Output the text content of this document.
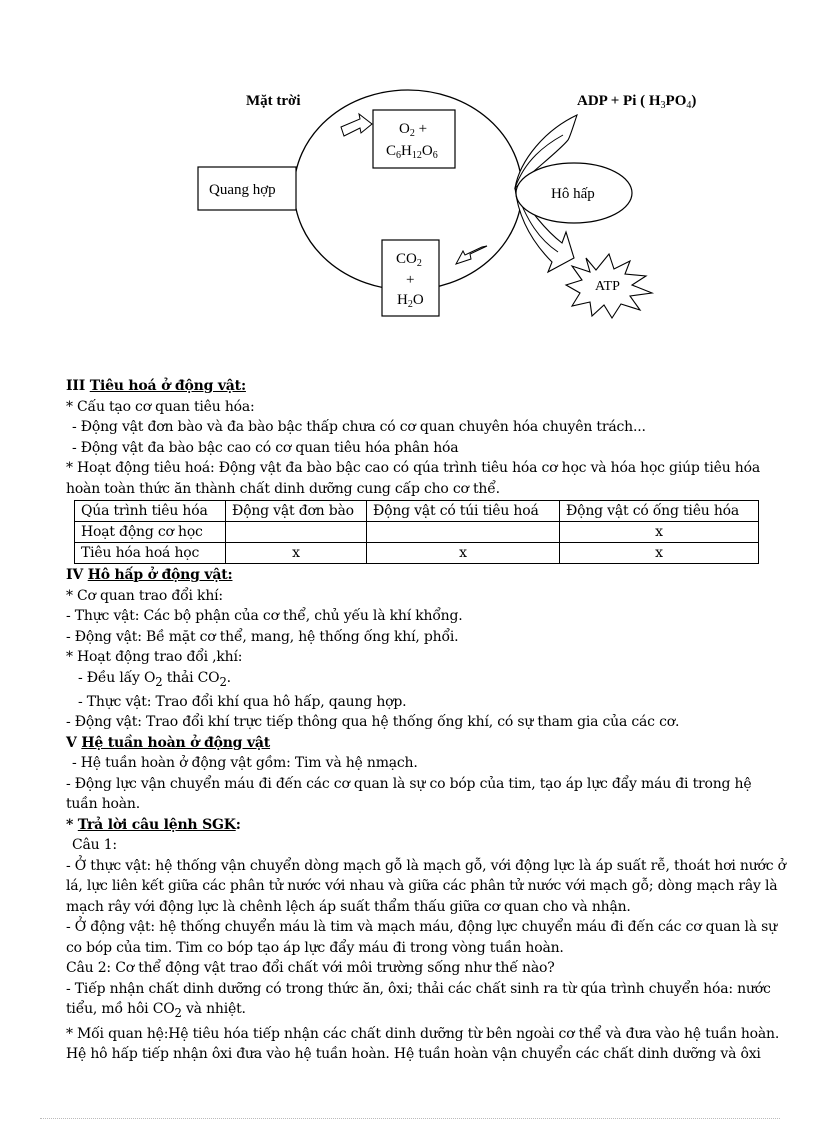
Mặt trời	ADP + Pi ( $H_3PO_4$)
$O_2$ +
$C_6H_{12}O_6$
Quang hợp	Hô hấp
$CO_2$
+
$H_2O$
ATP

III Tiêu hoá ở động vật:

* Cấu tạo cơ quan tiêu hóa:

- Động vật đơn bào và đa bào bậc thấp chưa có cơ quan chuyên hóa chuyên trách...

- Động vật đa bào bậc cao có cơ quan tiêu hóa phân hóa

* Hoạt động tiêu hoá: Động vật đa bào bậc cao có qúa trình tiêu hóa cơ học và hóa học giúp tiêu hóa hoàn toàn thức ăn thành chất dinh dưỡng cung cấp cho cơ thể.

Qúa trình tiêu hóa	Động vật đơn bào	Động vật có túi tiêu hoá	Động vật có ống tiêu hóa
Hoạt động cơ học			x
Tiêu hóa hoá học	x	x	x

IV Hô hấp ở động vật:

* Cơ quan trao đổi khí:

- Thực vật: Các bộ phận của cơ thể, chủ yếu là khí khổng.

- Động vật: Bề mặt cơ thể, mang, hệ thống ống khí, phổi.

* Hoạt động trao đổi ,khí:

- Đều lấy $O_2$ thải $CO_2$.

- Thực vật: Trao đổi khí qua hô hấp, qaung hợp.

- Động vật: Trao đổi khí trực tiếp thông qua hệ thống ống khí, có sự tham gia của các cơ.

V Hệ tuần hoàn ở động vật

- Hệ tuần hoàn ở động vật gồm: Tim và hệ nmạch.

- Động lực vận chuyển máu đi đến các cơ quan là sự co bóp của tim, tạo áp lực đẩy máu đi trong hệ tuần hoàn.

* Trả lời câu lệnh SGK:

Câu 1:

- Ở thực vật: hệ thống vận chuyển dòng mạch gỗ là mạch gỗ, với động lực là áp suất rễ, thoát hơi nước ở lá, lực liên kết giữa các phân tử nước với nhau và giữa các phân tử nước với mạch gỗ; dòng mạch rây là mạch rây với động lực là chênh lệch áp suất thẩm thấu giữa cơ quan cho và nhận.

- Ở động vật: hệ thống chuyển máu là tim và mạch máu, động lực chuyển máu đi đến các cơ quan là sự co bóp của tim. Tim co bóp tạo áp lực đẩy máu đi trong vòng tuần hoàn.

Câu 2: Cơ thể động vật trao đổi chất với môi trường sống như thế nào?

- Tiếp nhận chất dinh dưỡng có trong thức ăn, ôxi; thải các chất sinh ra từ qúa trình chuyển hóa: nước tiểu, mồ hôi $CO_2$ và nhiệt.

* Mối quan hệ:Hệ tiêu hóa tiếp nhận các chất dinh dưỡng từ bên ngoài cơ thể và đưa vào hệ tuần hoàn. Hệ hô hấp tiếp nhận ôxi đưa vào hệ tuần hoàn. Hệ tuần hoàn vận chuyển các chất dinh dưỡng và ôxi
